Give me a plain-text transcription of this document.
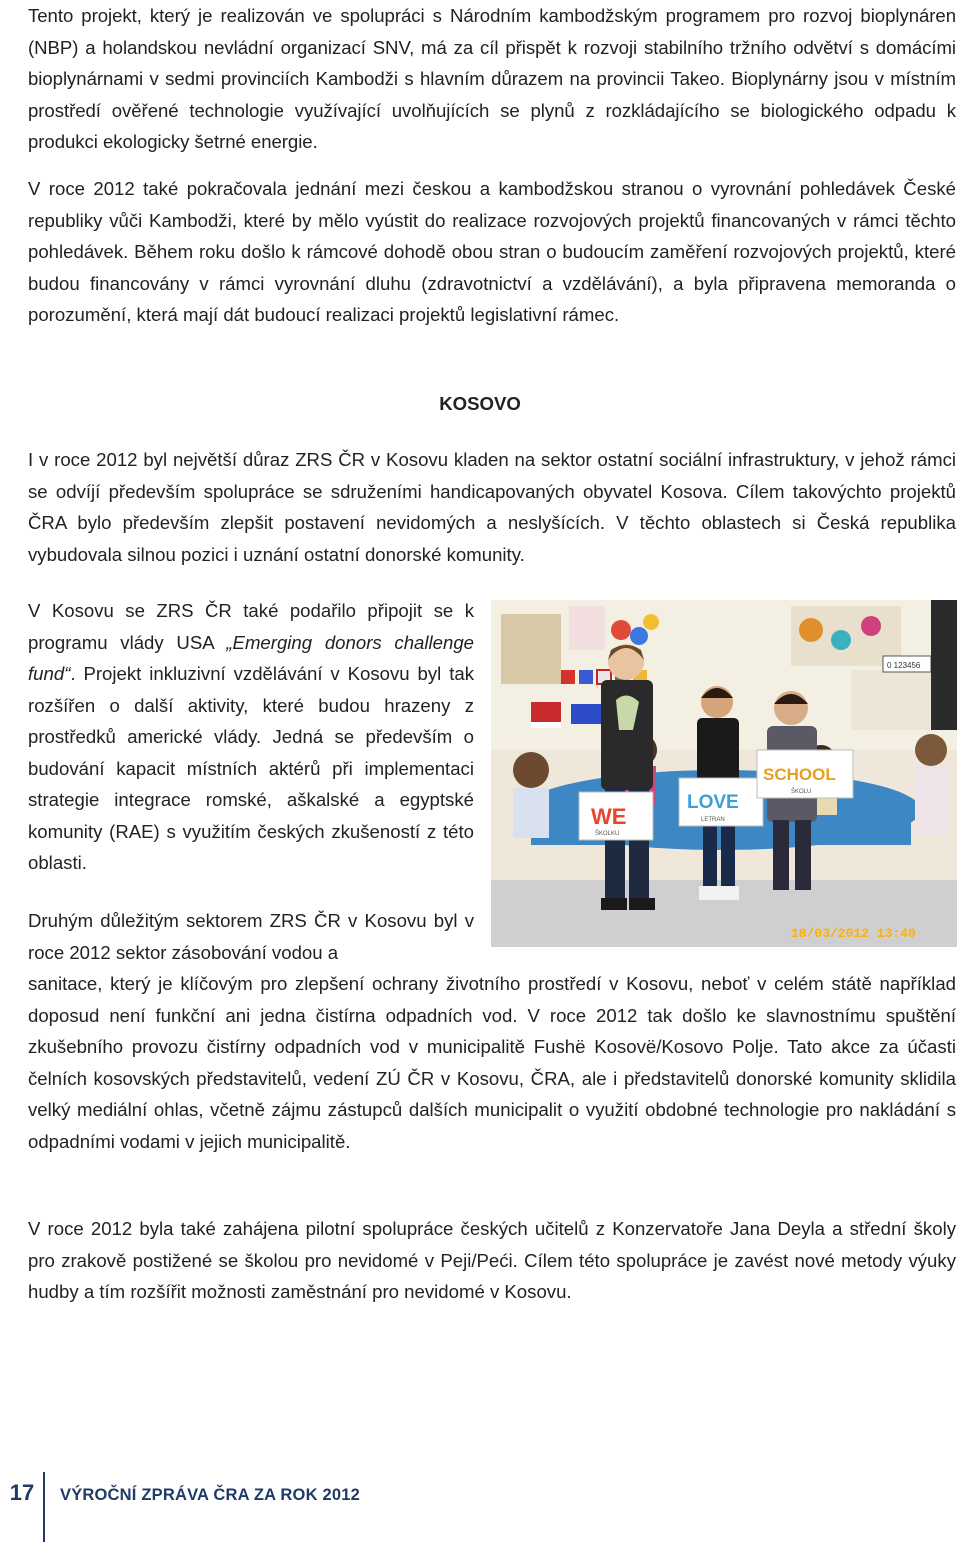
Tento projekt, který je realizován ve spolupráci s Národním kambodžským programem pro rozvoj bioplynáren (NBP) a holandskou nevládní organizací SNV, má za cíl přispět k rozvoji stabilního tržního odvětví s domácími bioplynárnami v sedmi provinciích Kambodži s hlavním důrazem na provincii Takeo. Bioplynárny jsou v místním prostředí ověřené technologie využívající uvolňujících se plynů z rozkládajícího se biologického odpadu k produkci ekologicky šetrné energie.

V roce 2012 také pokračovala jednání mezi českou a kambodžskou stranou o vyrovnání pohledávek České republiky vůči Kambodži, které by mělo vyústit do realizace rozvojových projektů financovaných v rámci těchto pohledávek. Během roku došlo k rámcové dohodě obou stran o budoucím zaměření rozvojových projektů, které budou financovány v rámci vyrovnání dluhu (zdravotnictví a vzdělávání), a byla připravena memoranda o porozumění, která mají dát budoucí realizaci projektů legislativní rámec.

KOSOVO

I v roce 2012 byl největší důraz ZRS ČR v Kosovu kladen na sektor ostatní sociální infrastruktury, v jehož rámci se odvíjí především spolupráce se sdruženími handicapovaných obyvatel Kosova. Cílem takovýchto projektů ČRA bylo především zlepšit postavení nevidomých a neslyšících. V těchto oblastech si Česká republika vybudovala silnou pozici i uznání ostatní donorské komunity.

V Kosovu se ZRS ČR také podařilo připojit se k programu vlády USA „Emerging donors challenge fund“. Projekt inkluzivní vzdělávání v Kosovu byl tak rozšířen o další aktivity, které budou hrazeny z prostředků americké vlády. Jedná se především o budování kapacit místních aktérů při implementaci strategie integrace romské, aškalské a egyptské komunity (RAE) s využitím českých zkušeností z této oblasti.

0 123456
WE
ŠKOLKU
LOVE
LETRAN
SCHOOL
ŠKOLU
18/03/2012 13:40

Druhým důležitým sektorem ZRS ČR v Kosovu byl v roce 2012 sektor zásobování vodou a

sanitace, který je klíčovým pro zlepšení ochrany životního prostředí v Kosovu, neboť v celém státě například doposud není funkční ani jedna čistírna odpadních vod. V roce 2012 tak došlo ke slavnostnímu spuštění zkušebního provozu čistírny odpadních vod v municipalitě Fushë Kosovë/Kosovo Polje. Tato akce za účasti čelních kosovských představitelů, vedení ZÚ ČR v Kosovu, ČRA, ale i představitelů donorské komunity sklidila velký mediální ohlas, včetně zájmu zástupců dalších municipalit o využití obdobné technologie pro nakládání s odpadními vodami v jejich municipalitě.

V roce 2012 byla také zahájena pilotní spolupráce českých učitelů z Konzervatoře Jana Deyla a střední školy pro zrakově postižené se školou pro nevidomé v Peji/Peći. Cílem této spolupráce je zavést nové metody výuky hudby a tím rozšířit možnosti zaměstnání pro nevidomé v Kosovu.

17 VÝROČNÍ ZPRÁVA ČRA ZA ROK 2012
